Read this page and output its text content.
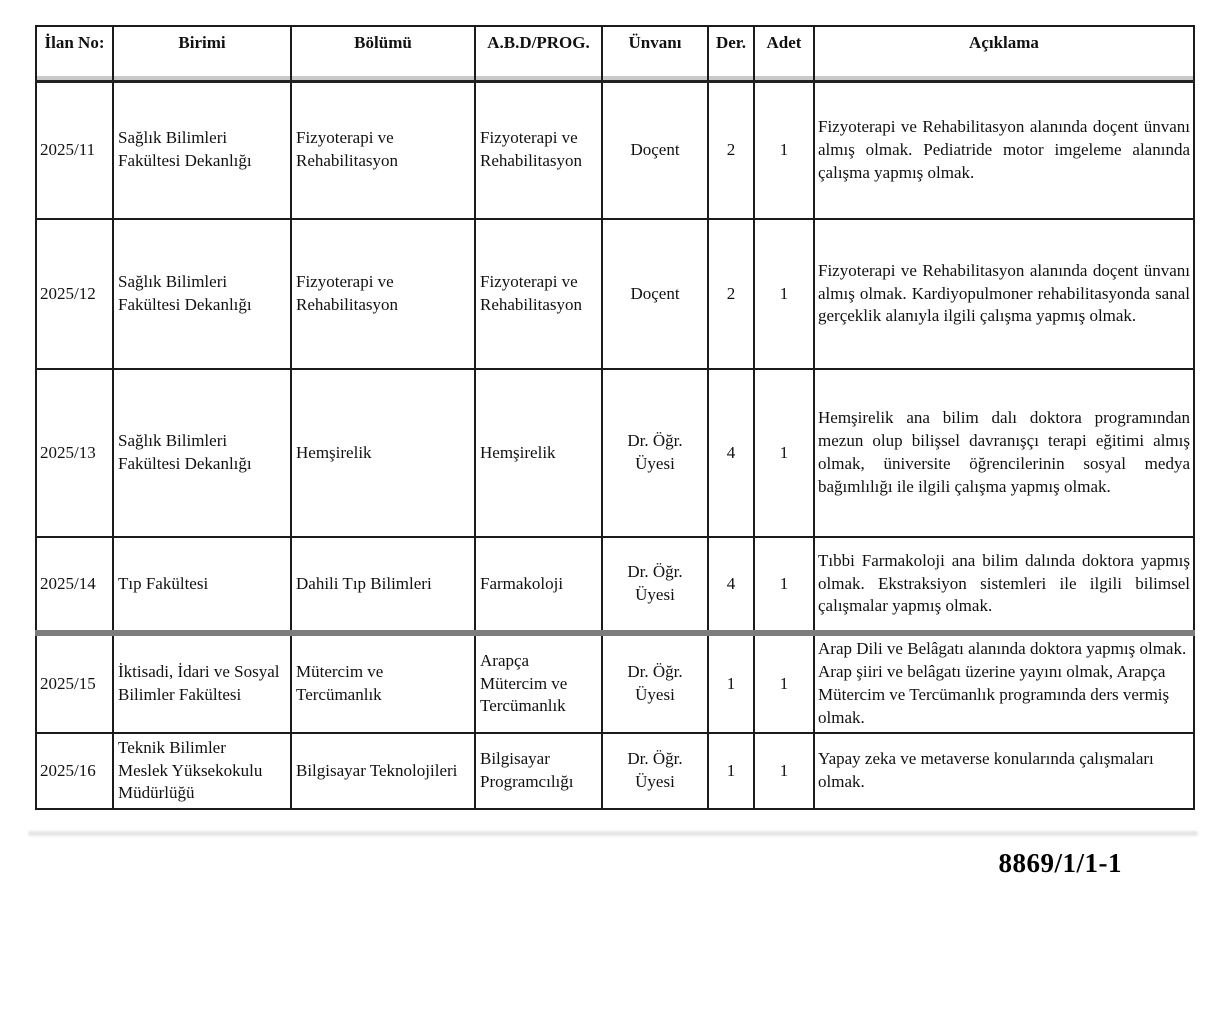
İlan No:	Birimi	Bölümü	A.B.D/PROG.	Ünvanı	Der.	Adet	Açıklama
2025/11	Sağlık Bilimleri Fakültesi Dekanlığı	Fizyoterapi ve Rehabilitasyon	Fizyoterapi ve Rehabilitasyon	Doçent	2	1	Fizyoterapi ve Rehabilitasyon alanında doçent ünvanı almış olmak. Pediatride motor imgeleme alanında çalışma yapmış olmak.
2025/12	Sağlık Bilimleri Fakültesi Dekanlığı	Fizyoterapi ve Rehabilitasyon	Fizyoterapi ve Rehabilitasyon	Doçent	2	1	Fizyoterapi ve Rehabilitasyon alanında doçent ünvanı almış olmak. Kardiyopulmoner rehabilitasyonda sanal gerçeklik alanıyla ilgili çalışma yapmış olmak.
2025/13	Sağlık Bilimleri Fakültesi Dekanlığı	Hemşirelik	Hemşirelik	Dr. Öğr. Üyesi	4	1	Hemşirelik ana bilim dalı doktora programından mezun olup bilişsel davranışçı terapi eğitimi almış olmak, üniversite öğrencilerinin sosyal medya bağımlılığı ile ilgili çalışma yapmış olmak.
2025/14	Tıp Fakültesi	Dahili Tıp Bilimleri	Farmakoloji	Dr. Öğr. Üyesi	4	1	Tıbbi Farmakoloji ana bilim dalında doktora yapmış olmak. Ekstraksiyon sistemleri ile ilgili bilimsel çalışmalar yapmış olmak.
2025/15	İktisadi, İdari ve Sosyal Bilimler Fakültesi	Mütercim ve Tercümanlık	Arapça Mütercim ve Tercümanlık	Dr. Öğr. Üyesi	1	1	Arap Dili ve Belâgatı alanında doktora yapmış olmak. Arap şiiri ve belâgatı üzerine yayını olmak, Arapça Mütercim ve Tercümanlık programında ders vermiş olmak.
2025/16	Teknik Bilimler Meslek Yüksekokulu Müdürlüğü	Bilgisayar Teknolojileri	Bilgisayar Programcılığı	Dr. Öğr. Üyesi	1	1	Yapay zeka ve metaverse konularında çalışmaları olmak.
8869/1/1-1
